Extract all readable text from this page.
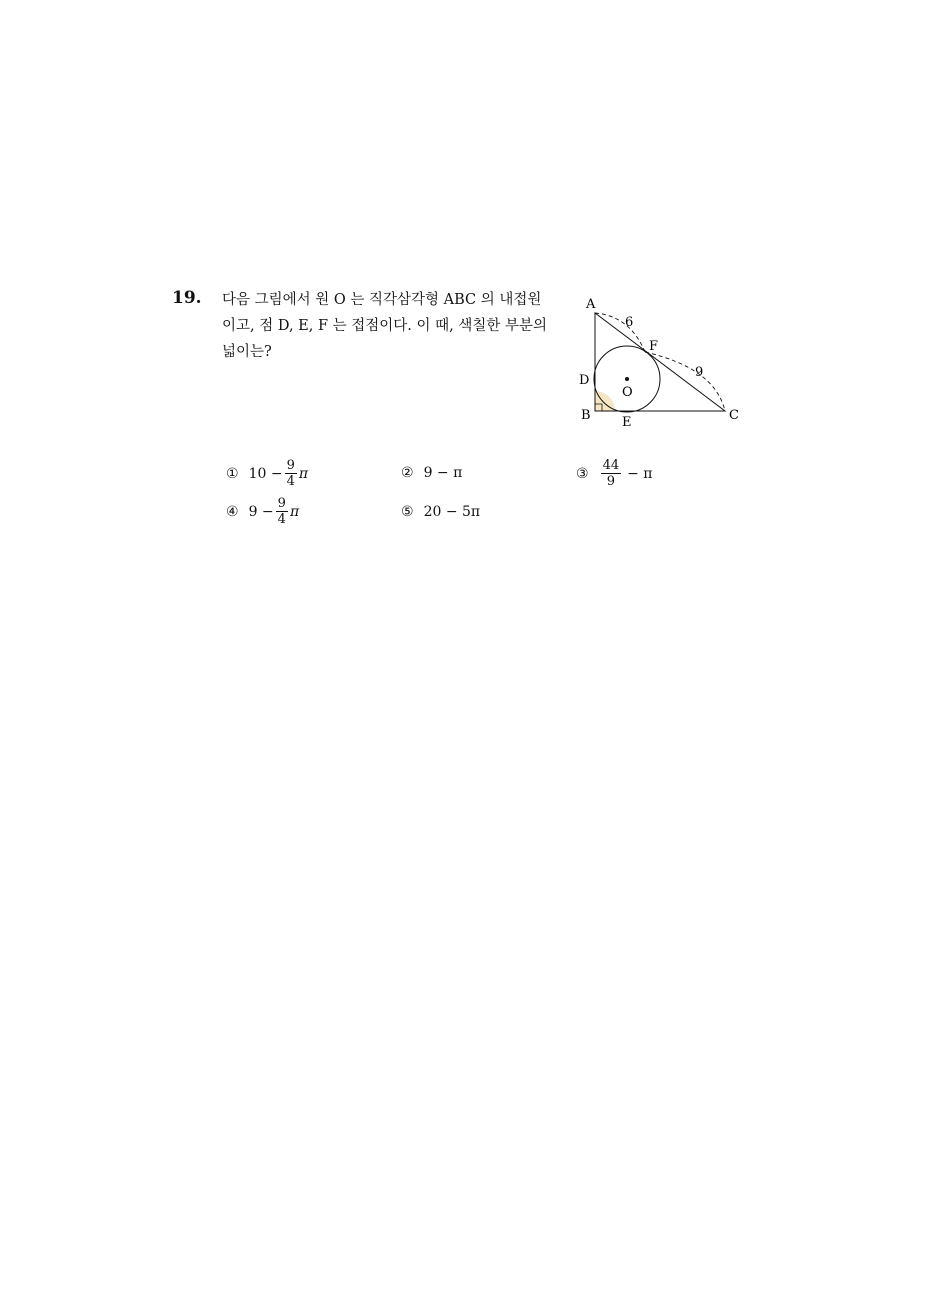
19. 다음 그림에서 원 O 는 직각삼각형 ABC 의 내접원
이고, 점 D, E, F 는 접점이다. 이 때, 색칠한 부분의
넓이는?
A
B	C
D
E
F
O
6
9
① $10 - \frac{9}{4}$ π	② 9 − π	③ $\frac{44}{9} - \pi$
④ $9 - \frac{9}{4}$ π	⑤ 20 − 5π
